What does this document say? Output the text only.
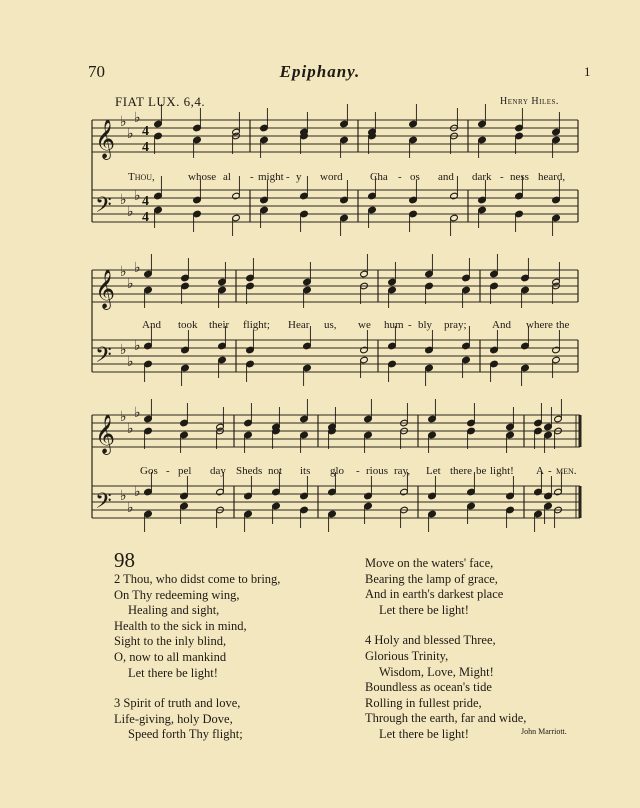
70	Epiphany.	1
FIAT LUX. 6,4.	Henry Hiles.
𝄞 ♭
♭
♭
4
4
𝄢 ♭
♭
♭ 4
4
𝄞 ♭
♭
♭
𝄢 ♭
♭
♭
𝄞 ♭
♭
♭
𝄢 ♭
♭
♭
Thou,	whose al - might - y word Cha - os and dark - ness heard,
And took their flight; Hear us, we hum - bly pray; And where the
Gos - pel day Sheds not its glo - rious ray, Let there be light! A - men.
98
2 Thou, who didst come to bring,
On Thy redeeming wing,
Healing and sight,
Health to the sick in mind,
Sight to the inly blind,
O, now to all mankind
Let there be light!
3 Spirit of truth and love,
Life-giving, holy Dove,
Speed forth Thy flight;
Move on the waters' face,
Bearing the lamp of grace,
And in earth's darkest place
Let there be light!
4 Holy and blessed Three,
Glorious Trinity,
Wisdom, Love, Might!
Boundless as ocean's tide
Rolling in fullest pride,
Through the earth, far and wide,
Let there be light!	John Marriott.
